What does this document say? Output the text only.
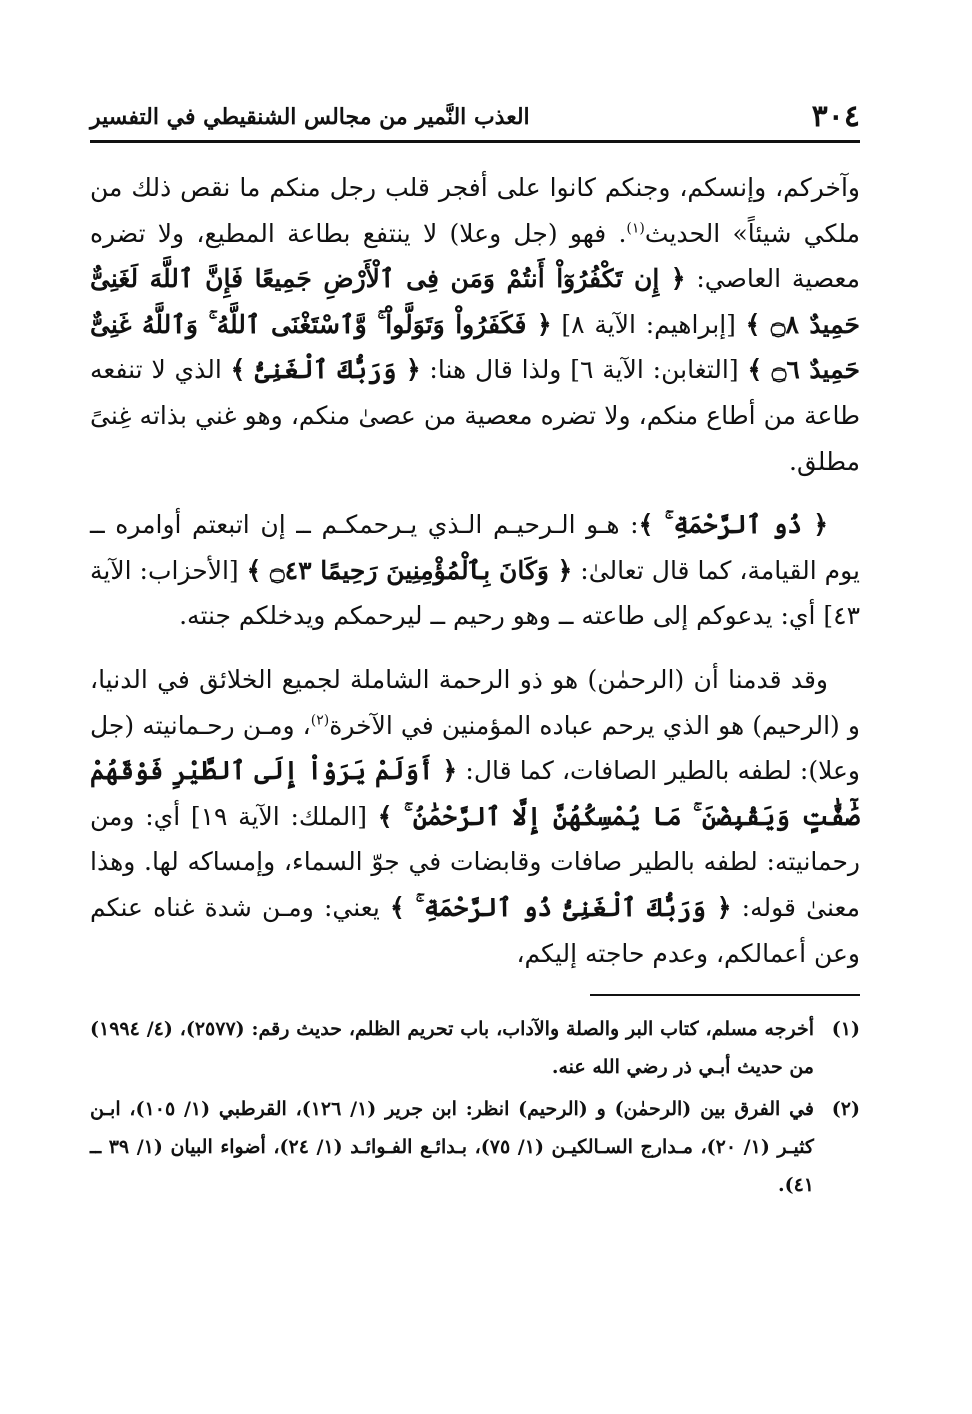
٣٠٤
العذب النَّمير من مجالس الشنقيطي في التفسير

وآخركم، وإنسكم، وجنكم كانوا على أفجر قلب رجل منكم ما نقص ذلك من ملكي شيئاً» الحديث$^{(١)}$. فهو (جل وعلا) لا ينتفع بطاعة المطيع، ولا تضره معصية العاصي: ﴿ إِن تَكْفُرُوٓاْ أَنتُمْ وَمَن فِى ٱلْأَرْضِ جَمِيعًا فَإِنَّ ٱللَّهَ لَغَنِىٌّ حَمِيدٌ ۝٨ ﴾ [إبراهيم: الآية ٨] ﴿ فَكَفَرُواْ وَتَوَلَّواْ ۚ وَّٱسْتَغْنَى ٱللَّهُ ۚ وَٱللَّهُ غَنِىٌّ حَمِيدٌ ۝٦ ﴾ [التغابن: الآية ٦] ولذا قال هنا: ﴿ وَرَبُّكَ ٱلْغَنِىُّ ﴾ الذي لا تنفعه طاعة من أطاع منكم، ولا تضره معصية من عصىٰ منكم، وهو غني بذاته غِنىً مطلق.

﴿ ذُو ٱلرَّحْمَةِ ۚ ﴾: هـو الـرحيـم الـذي يـرحمكـم ــ إن اتبعتم أوامره ــ يوم القيامة، كما قال تعالىٰ: ﴿ وَكَانَ بِٱلْمُؤْمِنِينَ رَحِيمًا ۝٤٣ ﴾ [الأحزاب: الآية ٤٣] أي: يدعوكم إلى طاعته ــ وهو رحيم ــ ليرحمكم ويدخلكم جنته.

وقد قدمنا أن (الرحمٰن) هو ذو الرحمة الشاملة لجميع الخلائق في الدنيا، و (الرحيم) هو الذي يرحم عباده المؤمنين في الآخرة$^{(٢)}$، ومـن رحـمانيته (جل وعلا): لطفه بالطير الصافات، كما قال: ﴿ أَوَلَمْ يَرَوْاْ إِلَى ٱلطَّيْرِ فَوْقَهُمْ صَٰٓفَّٰتٍ وَيَقْبِضْنَ ۚ مَا يُمْسِكُهُنَّ إِلَّا ٱلرَّحْمَٰنُ ۚ ﴾ [الملك: الآية ١٩] أي: ومن رحمانيته: لطفه بالطير صافات وقابضات في جوّ السماء، وإمساكه لها. وهذا معنىٰ قوله: ﴿ وَرَبُّكَ ٱلْغَنِىُّ ذُو ٱلرَّحْمَةِ ۚ ﴾ يعني: ومـن شدة غناه عنكم وعن أعمالكم، وعدم حاجته إليكم،

(١)
أخرجه مسلم، كتاب البر والصلة والآداب، باب تحريم الظلم، حديث رقم: (٢٥٧٧)، (٤/ ١٩٩٤) من حديث أبـي ذر رضي الله عنه.
(٢)
في الفرق بين (الرحمٰن) و (الرحيم) انظر: ابن جرير (١/ ١٢٦)، القرطبي (١/ ١٠٥)، ابـن كثيـر (١/ ٢٠)، مـدارج السـالكيـن (١/ ٧٥)، بـدائـع الفـوائـد (١/ ٢٤)، أضواء البيان (١/ ٣٩ ــ ٤١).
